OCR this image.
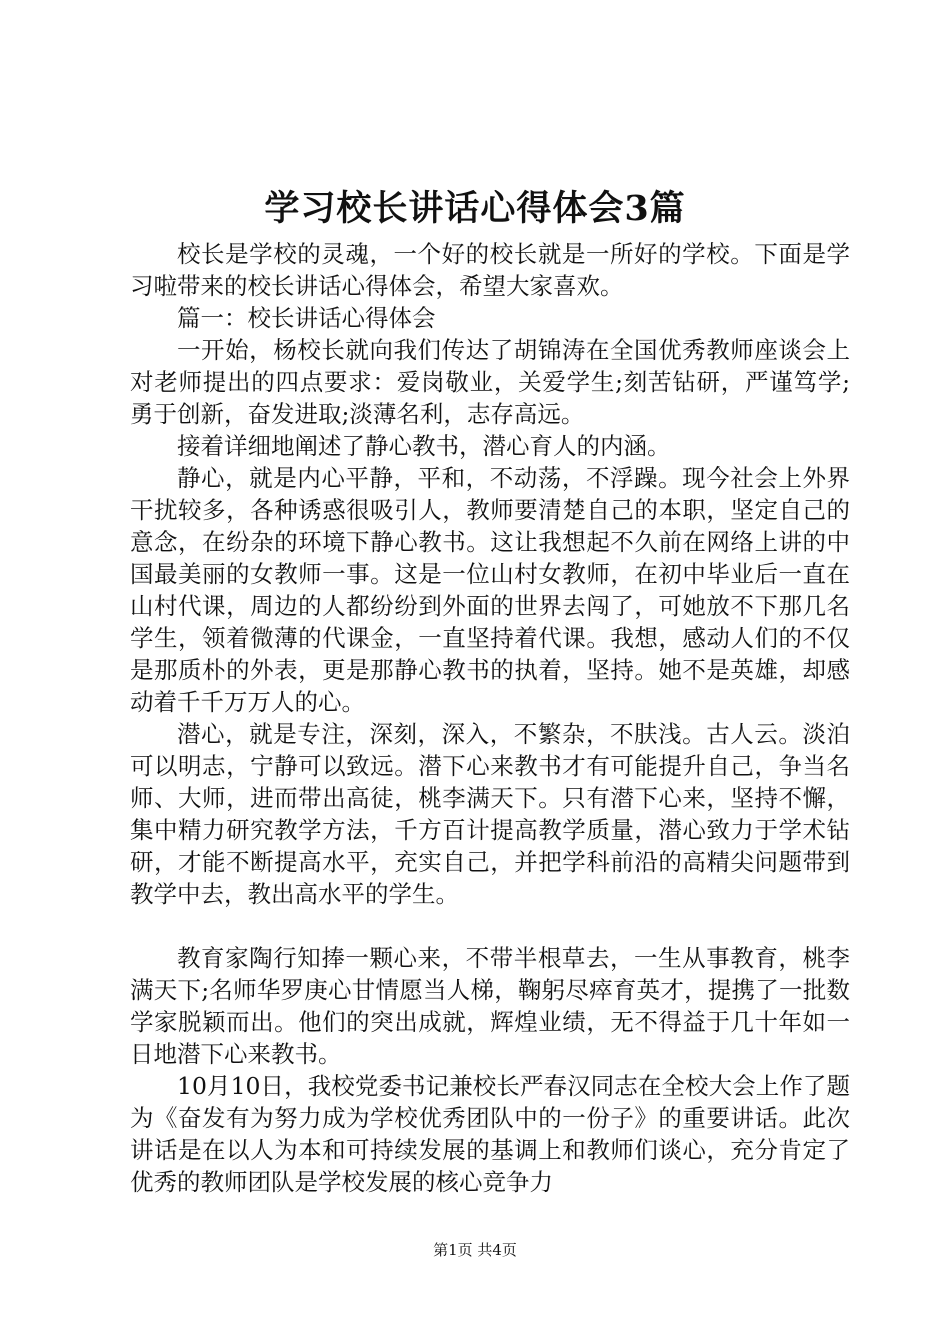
学习校长讲话心得体会3篇

校长是学校的灵魂，一个好的校长就是一所好的学校。下面是学习啦带来的校长讲话心得体会，希望大家喜欢。

篇一：校长讲话心得体会

一开始，杨校长就向我们传达了胡锦涛在全国优秀教师座谈会上对老师提出的四点要求：爱岗敬业，关爱学生;刻苦钻研，严谨笃学;勇于创新，奋发进取;淡薄名利，志存高远。

接着详细地阐述了静心教书，潜心育人的内涵。

静心，就是内心平静，平和，不动荡，不浮躁。现今社会上外界干扰较多，各种诱惑很吸引人，教师要清楚自己的本职，坚定自己的意念，在纷杂的环境下静心教书。这让我想起不久前在网络上讲的中国最美丽的女教师一事。这是一位山村女教师，在初中毕业后一直在山村代课，周边的人都纷纷到外面的世界去闯了，可她放不下那几名学生，领着微薄的代课金，一直坚持着代课。我想，感动人们的不仅是那质朴的外表，更是那静心教书的执着，坚持。她不是英雄，却感动着千千万万人的心。

潜心，就是专注，深刻，深入，不繁杂，不肤浅。古人云。淡泊可以明志，宁静可以致远。潜下心来教书才有可能提升自己，争当名师、大师，进而带出高徒，桃李满天下。只有潜下心来，坚持不懈，集中精力研究教学方法，千方百计提高教学质量，潜心致力于学术钻研，才能不断提高水平，充实自己，并把学科前沿的高精尖问题带到教学中去，教出高水平的学生。

教育家陶行知捧一颗心来，不带半根草去，一生从事教育，桃李满天下;名师华罗庚心甘情愿当人梯，鞠躬尽瘁育英才，提携了一批数学家脱颖而出。他们的突出成就，辉煌业绩，无不得益于几十年如一日地潜下心来教书。

10月10日，我校党委书记兼校长严春汉同志在全校大会上作了题为《奋发有为努力成为学校优秀团队中的一份子》的重要讲话。此次讲话是在以人为本和可持续发展的基调上和教师们谈心，充分肯定了优秀的教师团队是学校发展的核心竞争力

第1页 共4页
